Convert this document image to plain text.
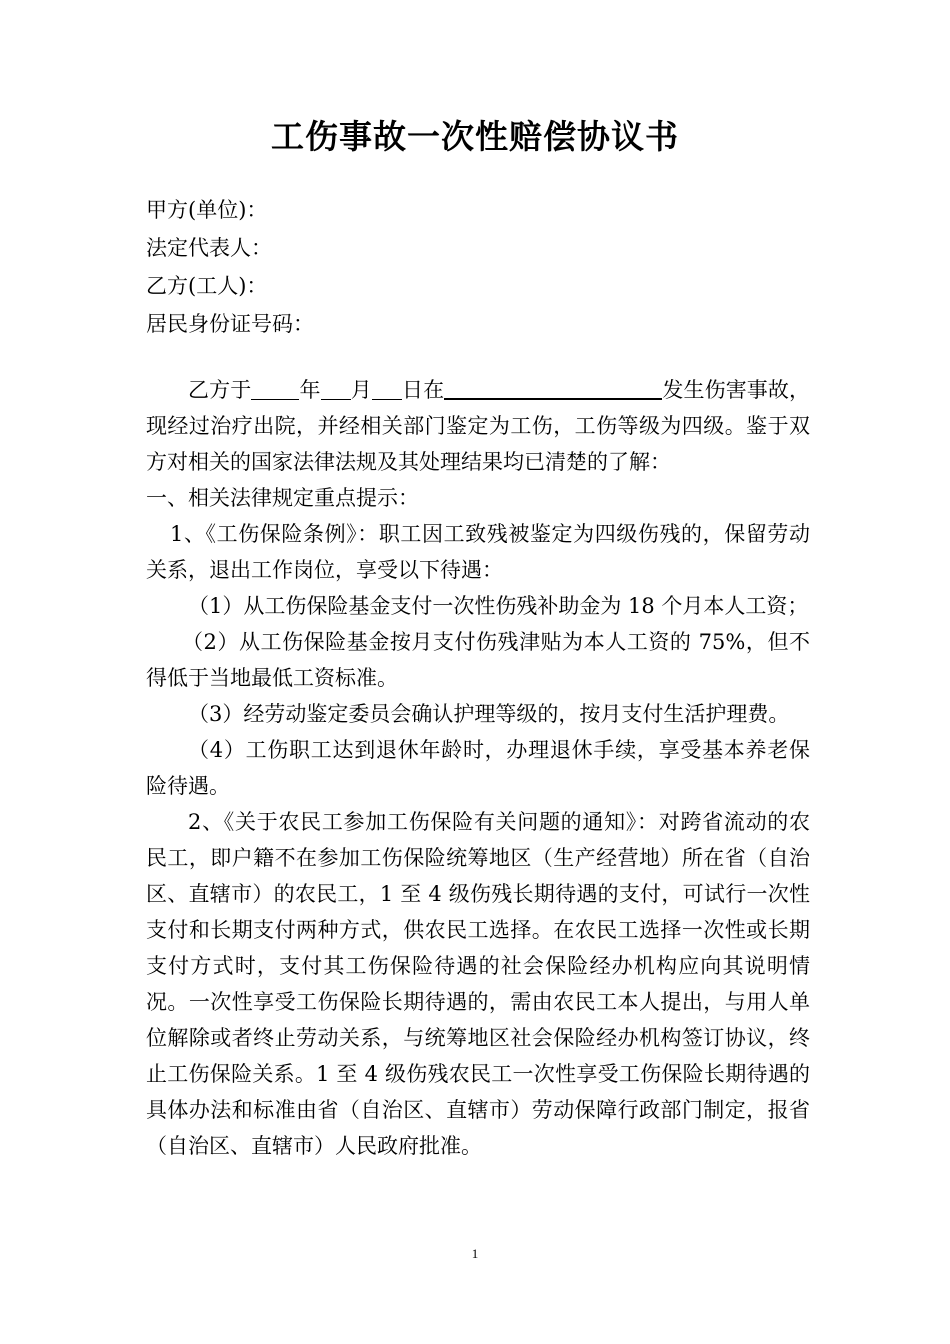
工伤事故一次性赔偿协议书
甲方(单位)：
法定代表人：
乙方(工人)：
居民身份证号码：

乙方于 年 月 日在	发生伤害事故，现经过治疗出院，并经相关部门鉴定为工伤，工伤等级为四级。鉴于双方对相关的国家法律法规及其处理结果均已清楚的了解：

一、相关法律规定重点提示：

1、《工伤保险条例》：职工因工致残被鉴定为四级伤残的，保留劳动关系，退出工作岗位，享受以下待遇：

（1）从工伤保险基金支付一次性伤残补助金为 18 个月本人工资；

（2）从工伤保险基金按月支付伤残津贴为本人工资的 75%，但不得低于当地最低工资标准。

（3）经劳动鉴定委员会确认护理等级的，按月支付生活护理费。

（4）工伤职工达到退休年龄时，办理退休手续，享受基本养老保险待遇。

2、《关于农民工参加工伤保险有关问题的通知》：对跨省流动的农民工，即户籍不在参加工伤保险统筹地区（生产经营地）所在省（自治区、直辖市）的农民工，1 至 4 级伤残长期待遇的支付，可试行一次性支付和长期支付两种方式，供农民工选择。在农民工选择一次性或长期支付方式时，支付其工伤保险待遇的社会保险经办机构应向其说明情况。一次性享受工伤保险长期待遇的，需由农民工本人提出，与用人单位解除或者终止劳动关系，与统筹地区社会保险经办机构签订协议，终止工伤保险关系。1 至 4 级伤残农民工一次性享受工伤保险长期待遇的具体办法和标准由省（自治区、直辖市）劳动保障行政部门制定，报省（自治区、直辖市）人民政府批准。

1
